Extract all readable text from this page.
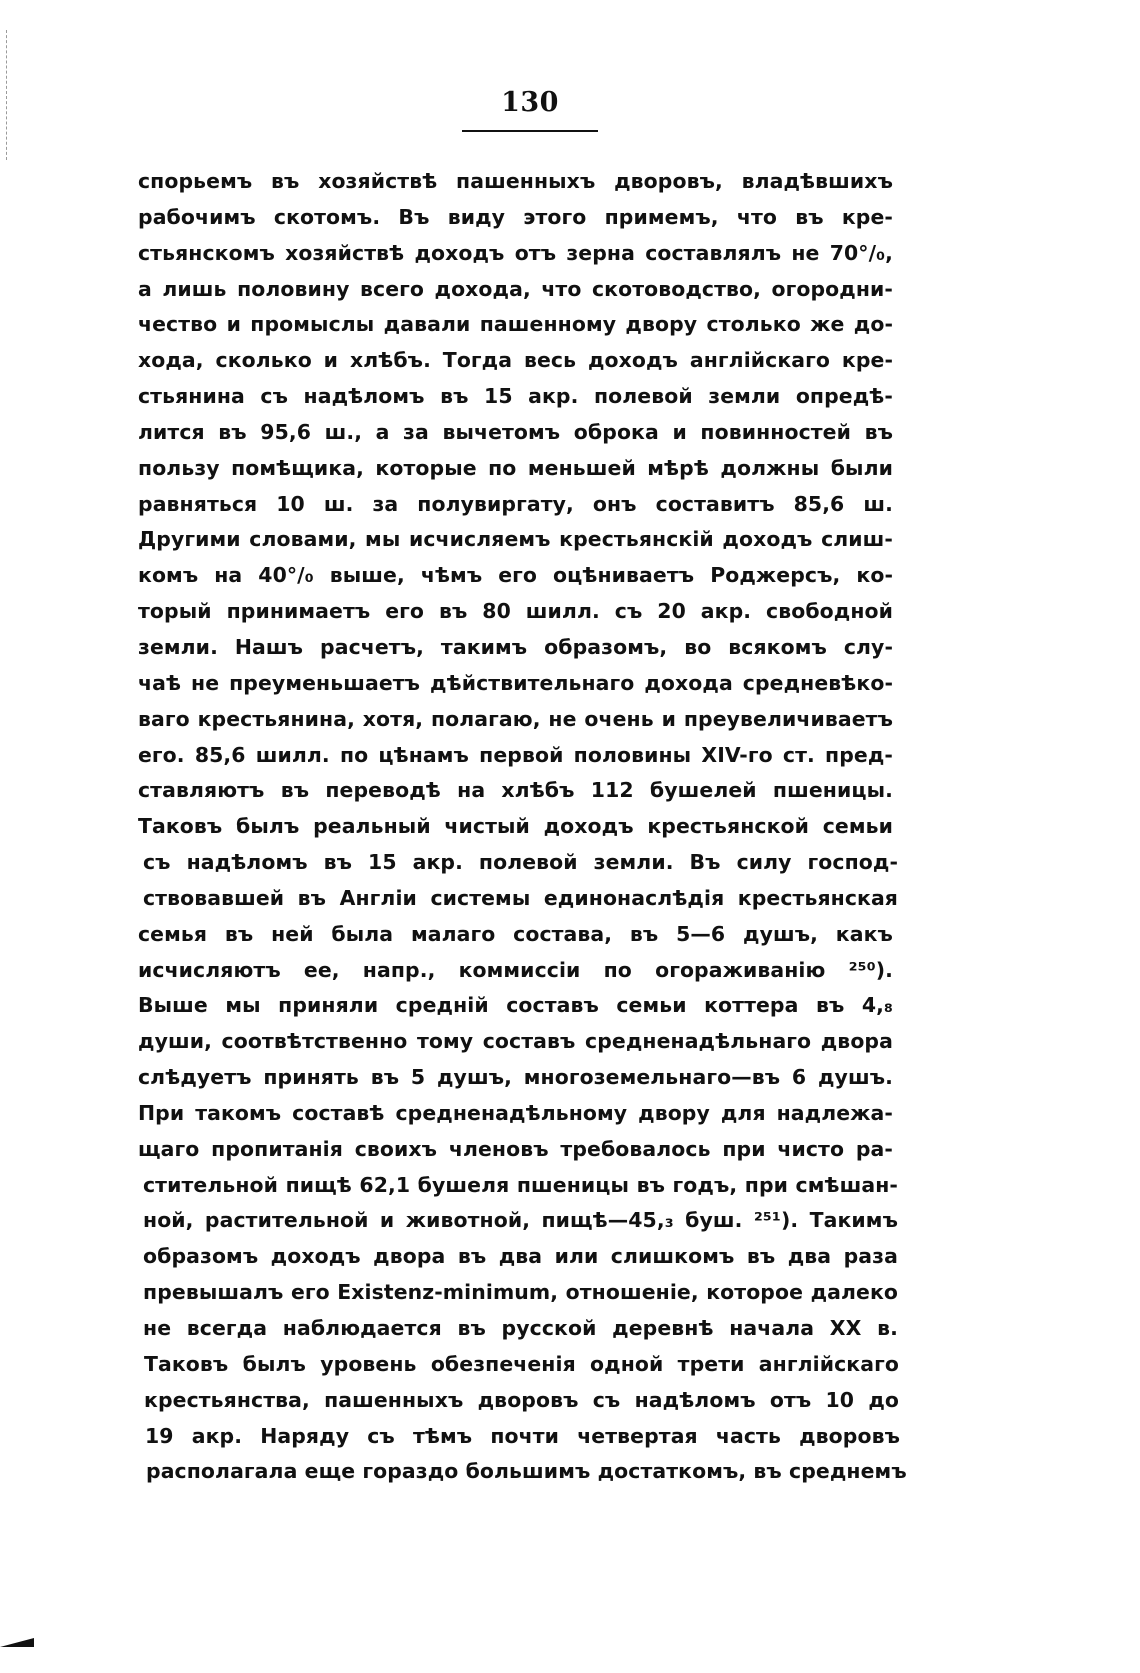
130
спорьемъ въ хозяйствѣ пашенныхъ дворовъ, владѣвшихъ
рабочимъ скотомъ. Въ виду этого примемъ, что въ кре-
стьянскомъ хозяйствѣ доходъ отъ зерна составлялъ не 70°/₀,
а лишь половину всего дохода, что скотоводство, огородни-
чество и промыслы давали пашенному двору столько же до-
хода, сколько и хлѣбъ. Тогда весь доходъ англійскаго кре-
стьянина съ надѣломъ въ 15 акр. полевой земли опредѣ-
лится въ 95,6 ш., а за вычетомъ оброка и повинностей въ
пользу помѣщика, которые по меньшей мѣрѣ должны были
равняться 10 ш. за полувиргату, онъ составитъ 85,6 ш.
Другими словами, мы исчисляемъ крестьянскій доходъ слиш-
комъ на 40°/₀ выше, чѣмъ его оцѣниваетъ Роджерсъ, ко-
торый принимаетъ его въ 80 шилл. съ 20 акр. свободной
земли. Нашъ расчетъ, такимъ образомъ, во всякомъ слу-
чаѣ не преуменьшаетъ дѣйствительнаго дохода средневѣко-
ваго крестьянина, хотя, полагаю, не очень и преувеличиваетъ
его. 85,6 шилл. по цѣнамъ первой половины XIV-го ст. пред-
ставляютъ въ переводѣ на хлѣбъ 112 бушелей пшеницы.
Таковъ былъ реальный чистый доходъ крестьянской семьи
съ надѣломъ въ 15 акр. полевой земли. Въ силу господ-
ствовавшей въ Англіи системы единонаслѣдія крестьянская
семья въ ней была малаго состава, въ 5—6 душъ, какъ
исчисляютъ ее, напр., коммиссіи по огораживанію ²⁵⁰).
Выше мы приняли среднiй составъ семьи коттера въ 4,₈
души, соотвѣтственно тому составъ средненадѣльнаго двора
слѣдуетъ принять въ 5 душъ, многоземельнаго—въ 6 душъ.
При такомъ составѣ средненадѣльному двору для надлежа-
щаго пропитанія своихъ членовъ требовалось при чисто ра-
стительной пищѣ 62,1 бушеля пшеницы въ годъ, при смѣшан-
ной, растительной и животной, пищѣ—45,₃ буш. ²⁵¹). Такимъ
образомъ доходъ двора въ два или слишкомъ въ два раза
превышалъ его Existenz-minimum, отношеніе, которое далеко
не всегда наблюдается въ русской деревнѣ начала XX в.
Таковъ былъ уровень обезпеченія одной трети англійскаго
крестьянства, пашенныхъ дворовъ съ надѣломъ отъ 10 до
19 акр. Наряду съ тѣмъ почти четвертая часть дворовъ
располагала еще гораздо большимъ достаткомъ, въ среднемъ
